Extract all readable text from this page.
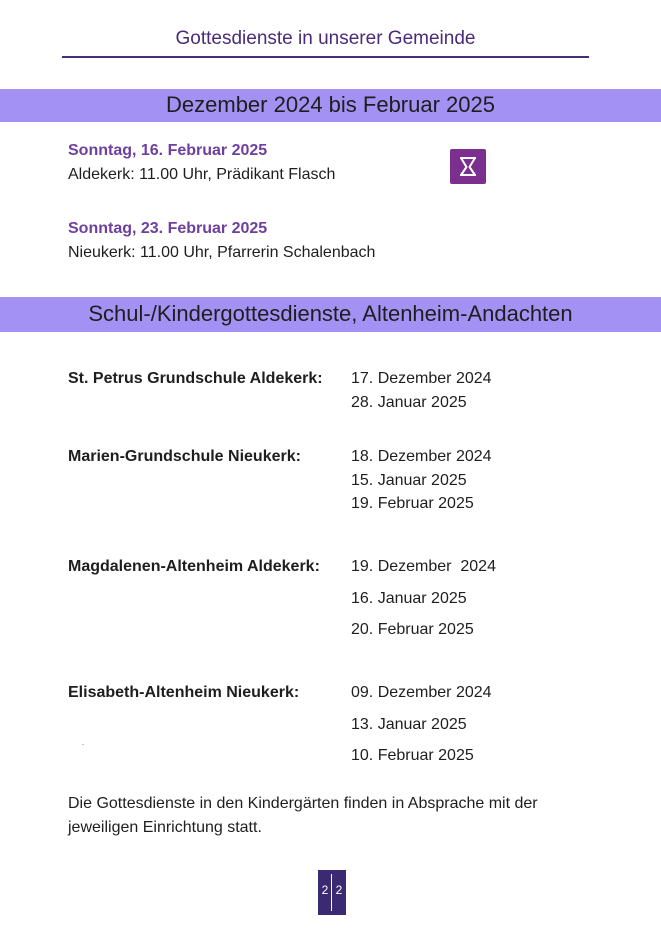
Gottesdienste in unserer Gemeinde
Dezember 2024 bis Februar 2025
Sonntag, 16. Februar 2025
Aldekerk: 11.00 Uhr, Prädikant Flasch
Sonntag, 23. Februar 2025
Nieukerk: 11.00 Uhr, Pfarrerin Schalenbach
Schul-/Kindergottesdienste, Altenheim-Andachten
St. Petrus Grundschule Aldekerk: 17. Dezember 2024
28. Januar 2025
Marien-Grundschule Nieukerk:	18. Dezember 2024
15. Januar 2025
19. Februar 2025
Magdalenen-Altenheim Aldekerk: 19. Dezember  2024
16. Januar 2025
20. Februar 2025
Elisabeth-Altenheim Nieukerk:	09. Dezember 2024
13. Januar 2025
10. Februar 2025
Die Gottesdienste in den Kindergärten finden in Absprache mit der jeweiligen Einrichtung statt.
2 2
